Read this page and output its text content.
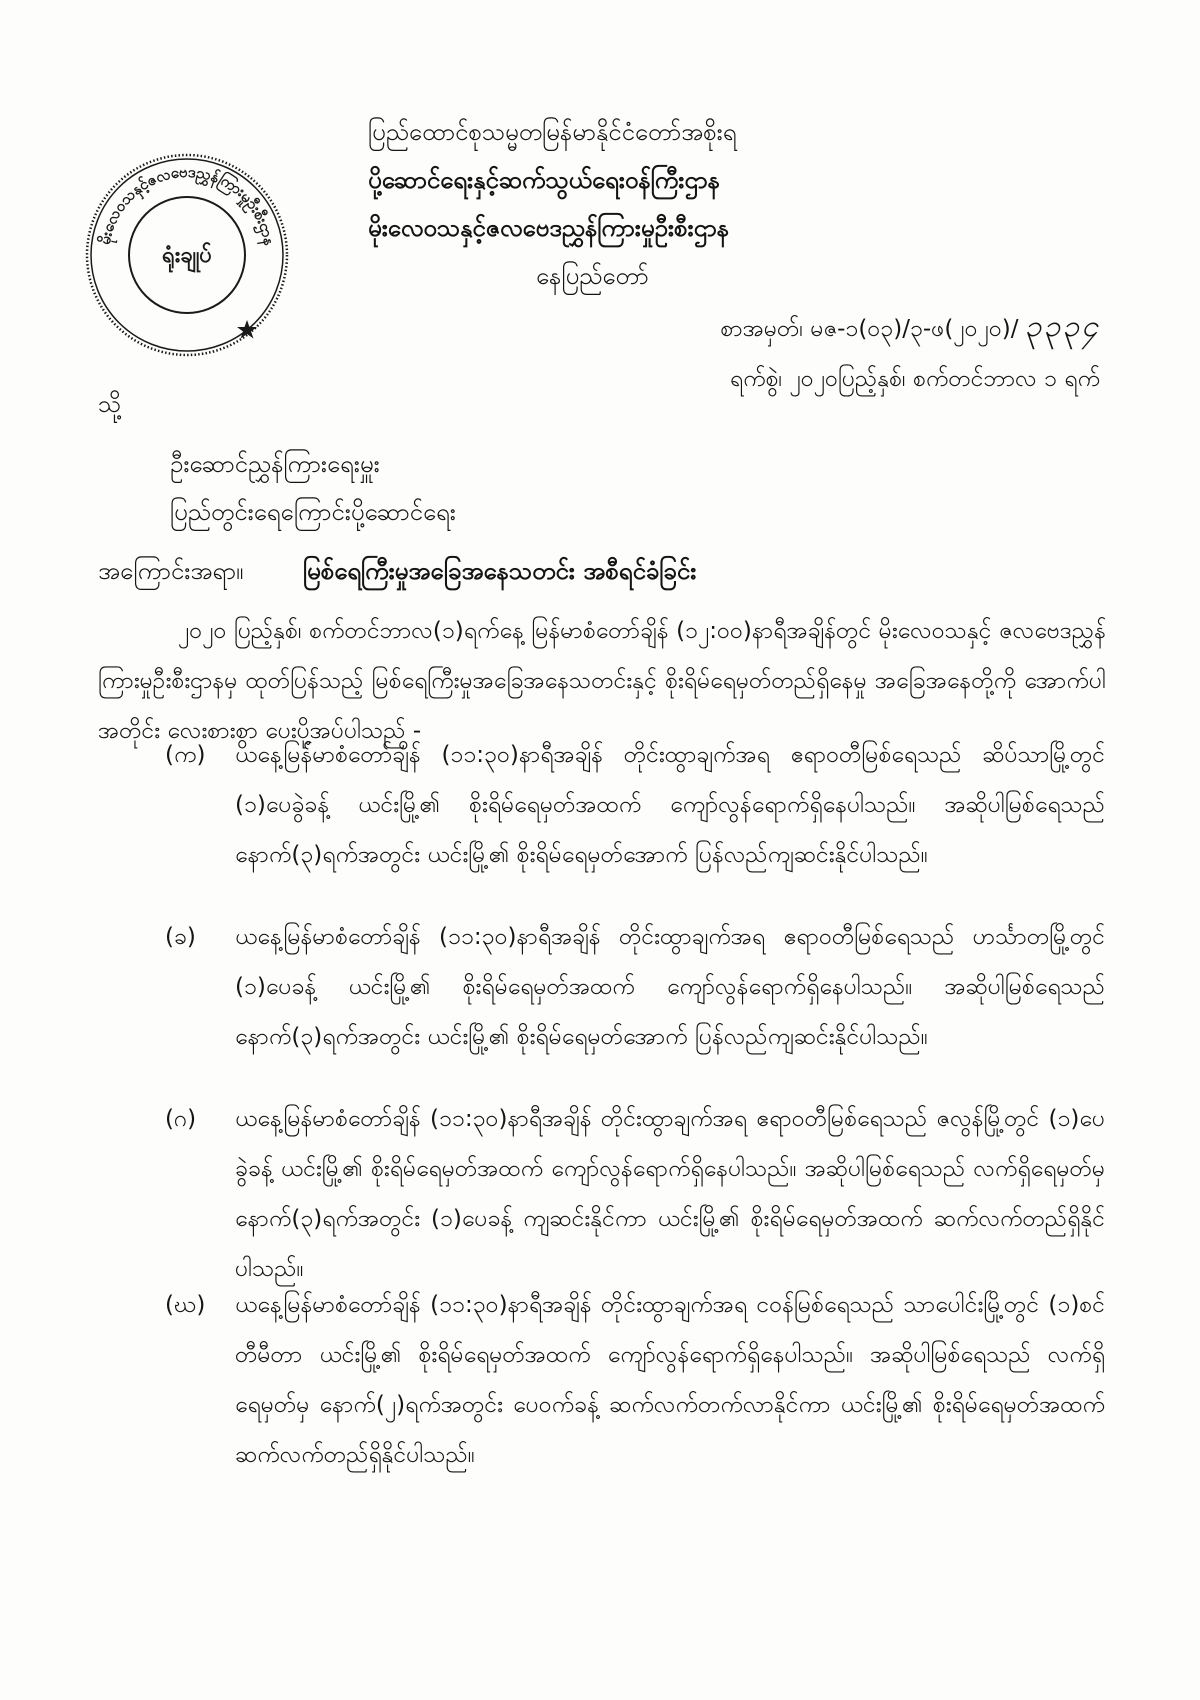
မိုးလေဝသနှင့်ဇလဗေဒညွှန်ကြားမှုဦးစီးဌာန
ရုံးချုပ်
ပြည်ထောင်စုသမ္မတမြန်မာနိုင်ငံတော်အစိုးရ
ပို့ဆောင်ရေးနှင့်ဆက်သွယ်ရေးဝန်ကြီးဌာန
မိုးလေဝသနှင့်ဇလဗေဒညွှန်ကြားမှုဦးစီးဌာန
နေပြည်တော်
စာအမှတ်၊ မဇ-၁(၀၃)/၃-ဖ(၂၀၂၀)/ ၃၃၃၄
ရက်စွဲ၊ ၂၀၂၀ပြည့်နှစ်၊ စက်တင်ဘာလ ၁ ရက်
သို့
ဦးဆောင်ညွှန်ကြားရေးမှူး
ပြည်တွင်းရေကြောင်းပို့ဆောင်ရေး
အကြောင်းအရာ။ မြစ်ရေကြီးမှုအခြေအနေသတင်း အစီရင်ခံခြင်း
၂၀၂၀ ပြည့်နှစ်၊ စက်တင်ဘာလ(၁)ရက်နေ့ မြန်မာစံတော်ချိန် (၁၂:၀၀)နာရီအချိန်တွင် မိုးလေဝသနှင့် ဇလဗေဒညွှန်ကြားမှုဦးစီးဌာနမှ ထုတ်ပြန်သည့် မြစ်ရေကြီးမှုအခြေအနေသတင်းနှင့် စိုးရိမ်ရေမှတ်တည်ရှိနေမှု အခြေအနေတို့ကို အောက်ပါအတိုင်း လေးစားစွာ ပေးပို့အပ်ပါသည် -
(က)	ယနေ့မြန်မာစံတော်ချိန် (၁၁:၃၀)နာရီအချိန် တိုင်းထွာချက်အရ ဧရာဝတီမြစ်ရေသည် ဆိပ်သာမြို့တွင် (၁)ပေခွဲခန့် ယင်းမြို့၏ စိုးရိမ်ရေမှတ်အထက် ကျော်လွန်ရောက်ရှိနေပါသည်။ အဆိုပါမြစ်ရေသည် နောက်(၃)ရက်အတွင်း ယင်းမြို့၏ စိုးရိမ်ရေမှတ်အောက် ပြန်လည်ကျဆင်းနိုင်ပါသည်။
(ခ)	ယနေ့မြန်မာစံတော်ချိန် (၁၁:၃၀)နာရီအချိန် တိုင်းထွာချက်အရ ဧရာဝတီမြစ်ရေသည် ဟင်္သာတမြို့တွင် (၁)ပေခန့် ယင်းမြို့၏ စိုးရိမ်ရေမှတ်အထက် ကျော်လွန်ရောက်ရှိနေပါသည်။ အဆိုပါမြစ်ရေသည် နောက်(၃)ရက်အတွင်း ယင်းမြို့၏ စိုးရိမ်ရေမှတ်အောက် ပြန်လည်ကျဆင်းနိုင်ပါသည်။
(ဂ)	ယနေ့မြန်မာစံတော်ချိန် (၁၁:၃၀)နာရီအချိန် တိုင်းထွာချက်အရ ဧရာဝတီမြစ်ရေသည် ဇလွန်မြို့တွင် (၁)ပေခွဲခန့် ယင်းမြို့၏ စိုးရိမ်ရေမှတ်အထက် ကျော်လွန်ရောက်ရှိနေပါသည်။ အဆိုပါမြစ်ရေသည် လက်ရှိရေမှတ်မှ နောက်(၃)ရက်အတွင်း (၁)ပေခန့် ကျဆင်းနိုင်ကာ ယင်းမြို့၏ စိုးရိမ်ရေမှတ်အထက် ဆက်လက်တည်ရှိနိုင်ပါသည်။
(ဃ)	ယနေ့မြန်မာစံတော်ချိန် (၁၁:၃၀)နာရီအချိန် တိုင်းထွာချက်အရ ငဝန်မြစ်ရေသည် သာပေါင်းမြို့တွင် (၁)စင်တီမီတာ ယင်းမြို့၏ စိုးရိမ်ရေမှတ်အထက် ကျော်လွန်ရောက်ရှိနေပါသည်။ အဆိုပါမြစ်ရေသည် လက်ရှိရေမှတ်မှ နောက်(၂)ရက်အတွင်း ပေဝက်ခန့် ဆက်လက်တက်လာနိုင်ကာ ယင်းမြို့၏ စိုးရိမ်ရေမှတ်အထက် ဆက်လက်တည်ရှိနိုင်ပါသည်။
